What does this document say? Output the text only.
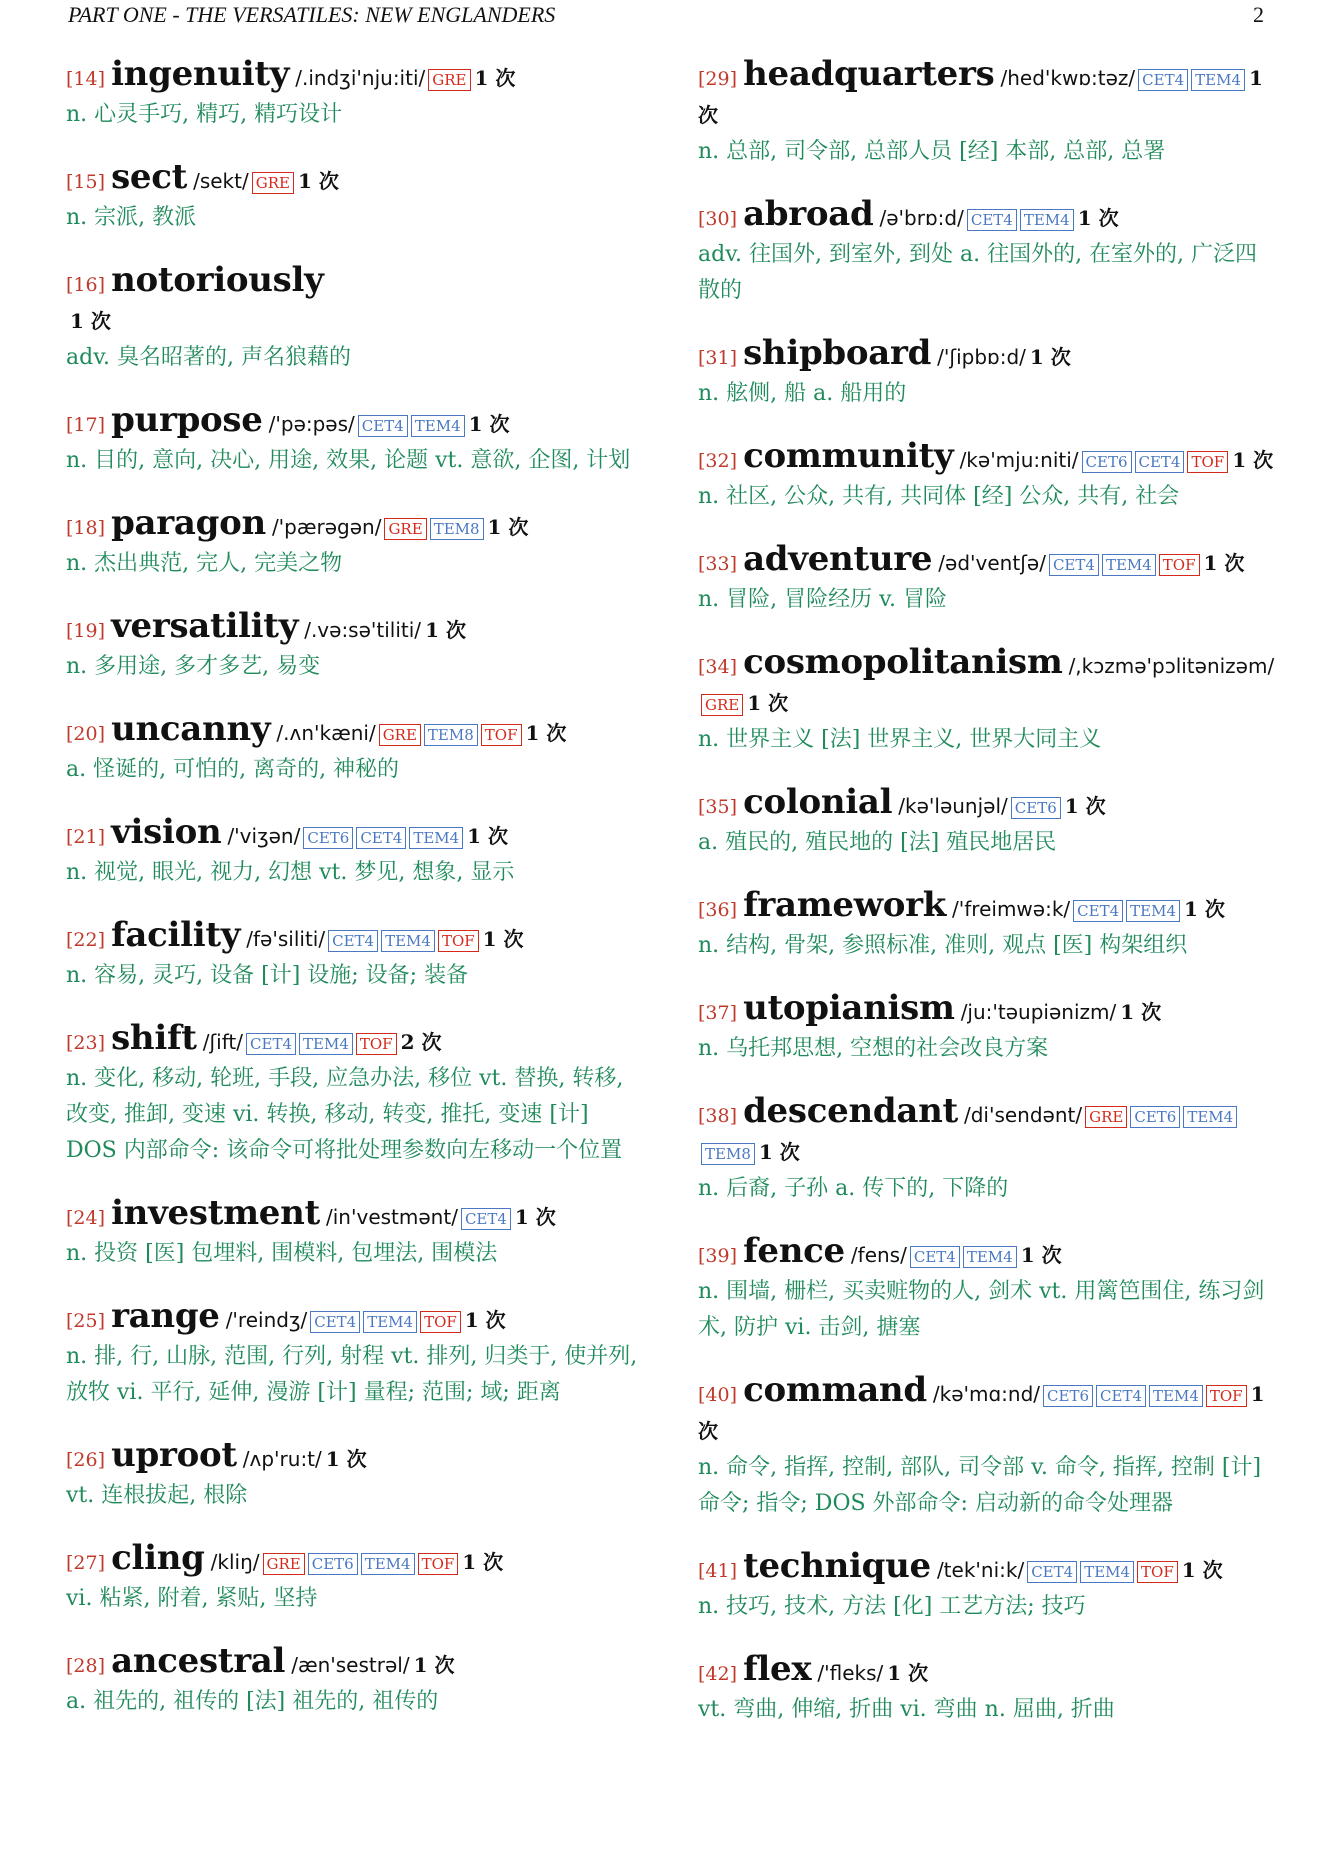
PART ONE - THE VERSATILES: NEW ENGLANDERS	2
[14] ingenuity /.indʒi'nju:iti/ GRE 1 次
n. 心灵手巧, 精巧, 精巧设计
[15] sect /sekt/ GRE 1 次
n. 宗派, 教派
[16] notoriously
1 次
adv. 臭名昭著的, 声名狼藉的
[17] purpose /'pə:pəs/ CET4 TEM4 1 次
n. 目的, 意向, 决心, 用途, 效果, 论题 vt. 意欲, 企图, 计划
[18] paragon /'pærəgən/ GRE TEM8 1 次
n. 杰出典范, 完人, 完美之物
[19] versatility /.və:sə'tiliti/ 1 次
n. 多用途, 多才多艺, 易变
[20] uncanny /.ʌn'kæni/ GRE TEM8 TOF 1 次
a. 怪诞的, 可怕的, 离奇的, 神秘的
[21] vision /'viʒən/ CET6 CET4 TEM4 1 次
n. 视觉, 眼光, 视力, 幻想 vt. 梦见, 想象, 显示
[22] facility /fə'siliti/ CET4 TEM4 TOF 1 次
n. 容易, 灵巧, 设备 [计] 设施; 设备; 装备
[23] shift /ʃift/ CET4 TEM4 TOF 2 次
n. 变化, 移动, 轮班, 手段, 应急办法, 移位 vt. 替换, 转移, 改变, 推卸, 变速 vi. 转换, 移动, 转变, 推托, 变速 [计] DOS 内部命令: 该命令可将批处理参数向左移动一个位置
[24] investment /in'vestmənt/ CET4 1 次
n. 投资 [医] 包埋料, 围模料, 包埋法, 围模法
[25] range /'reindʒ/ CET4 TEM4 TOF 1 次
n. 排, 行, 山脉, 范围, 行列, 射程 vt. 排列, 归类于, 使并列, 放牧 vi. 平行, 延伸, 漫游 [计] 量程; 范围; 域; 距离
[26] uproot /ʌp'ru:t/ 1 次
vt. 连根拔起, 根除
[27] cling /kliŋ/ GRE CET6 TEM4 TOF 1 次
vi. 粘紧, 附着, 紧贴, 坚持
[28] ancestral /æn'sestrəl/ 1 次
a. 祖先的, 祖传的 [法] 祖先的, 祖传的
[29] headquarters /hed'kwɒ:təz/ CET4 TEM4 1 次
n. 总部, 司令部, 总部人员 [经] 本部, 总部, 总署
[30] abroad /ə'brɒ:d/ CET4 TEM4 1 次
adv. 往国外, 到室外, 到处 a. 往国外的, 在室外的, 广泛四散的
[31] shipboard /'ʃipbɒ:d/ 1 次
n. 舷侧, 船 a. 船用的
[32] community /kə'mju:niti/ CET6 CET4 TOF 1 次
n. 社区, 公众, 共有, 共同体 [经] 公众, 共有, 社会
[33] adventure /əd'ventʃə/ CET4 TEM4 TOF 1 次
n. 冒险, 冒险经历 v. 冒险
[34] cosmopolitanism /,kɔzmə'pɔlitənizəm/GRE 1 次
n. 世界主义 [法] 世界主义, 世界大同主义
[35] colonial /kə'ləunjəl/ CET6 1 次
a. 殖民的, 殖民地的 [法] 殖民地居民
[36] framework /'freimwə:k/ CET4 TEM4 1 次
n. 结构, 骨架, 参照标准, 准则, 观点 [医] 构架组织
[37] utopianism /ju:'təupiənizm/ 1 次
n. 乌托邦思想, 空想的社会改良方案
[38] descendant /di'sendənt/ GRE CET6 TEM4TEM8 1 次
n. 后裔, 子孙 a. 传下的, 下降的
[39] fence /fens/ CET4 TEM4 1 次
n. 围墙, 栅栏, 买卖赃物的人, 剑术 vt. 用篱笆围住, 练习剑术, 防护 vi. 击剑, 搪塞
[40] command /kə'mɑ:nd/ CET6 CET4 TEM4 TOF 1 次
n. 命令, 指挥, 控制, 部队, 司令部 v. 命令, 指挥, 控制 [计] 命令; 指令; DOS 外部命令: 启动新的命令处理器
[41] technique /tek'ni:k/ CET4 TEM4 TOF 1 次
n. 技巧, 技术, 方法 [化] 工艺方法; 技巧
[42] flex /'fleks/ 1 次
vt. 弯曲, 伸缩, 折曲 vi. 弯曲 n. 屈曲, 折曲
